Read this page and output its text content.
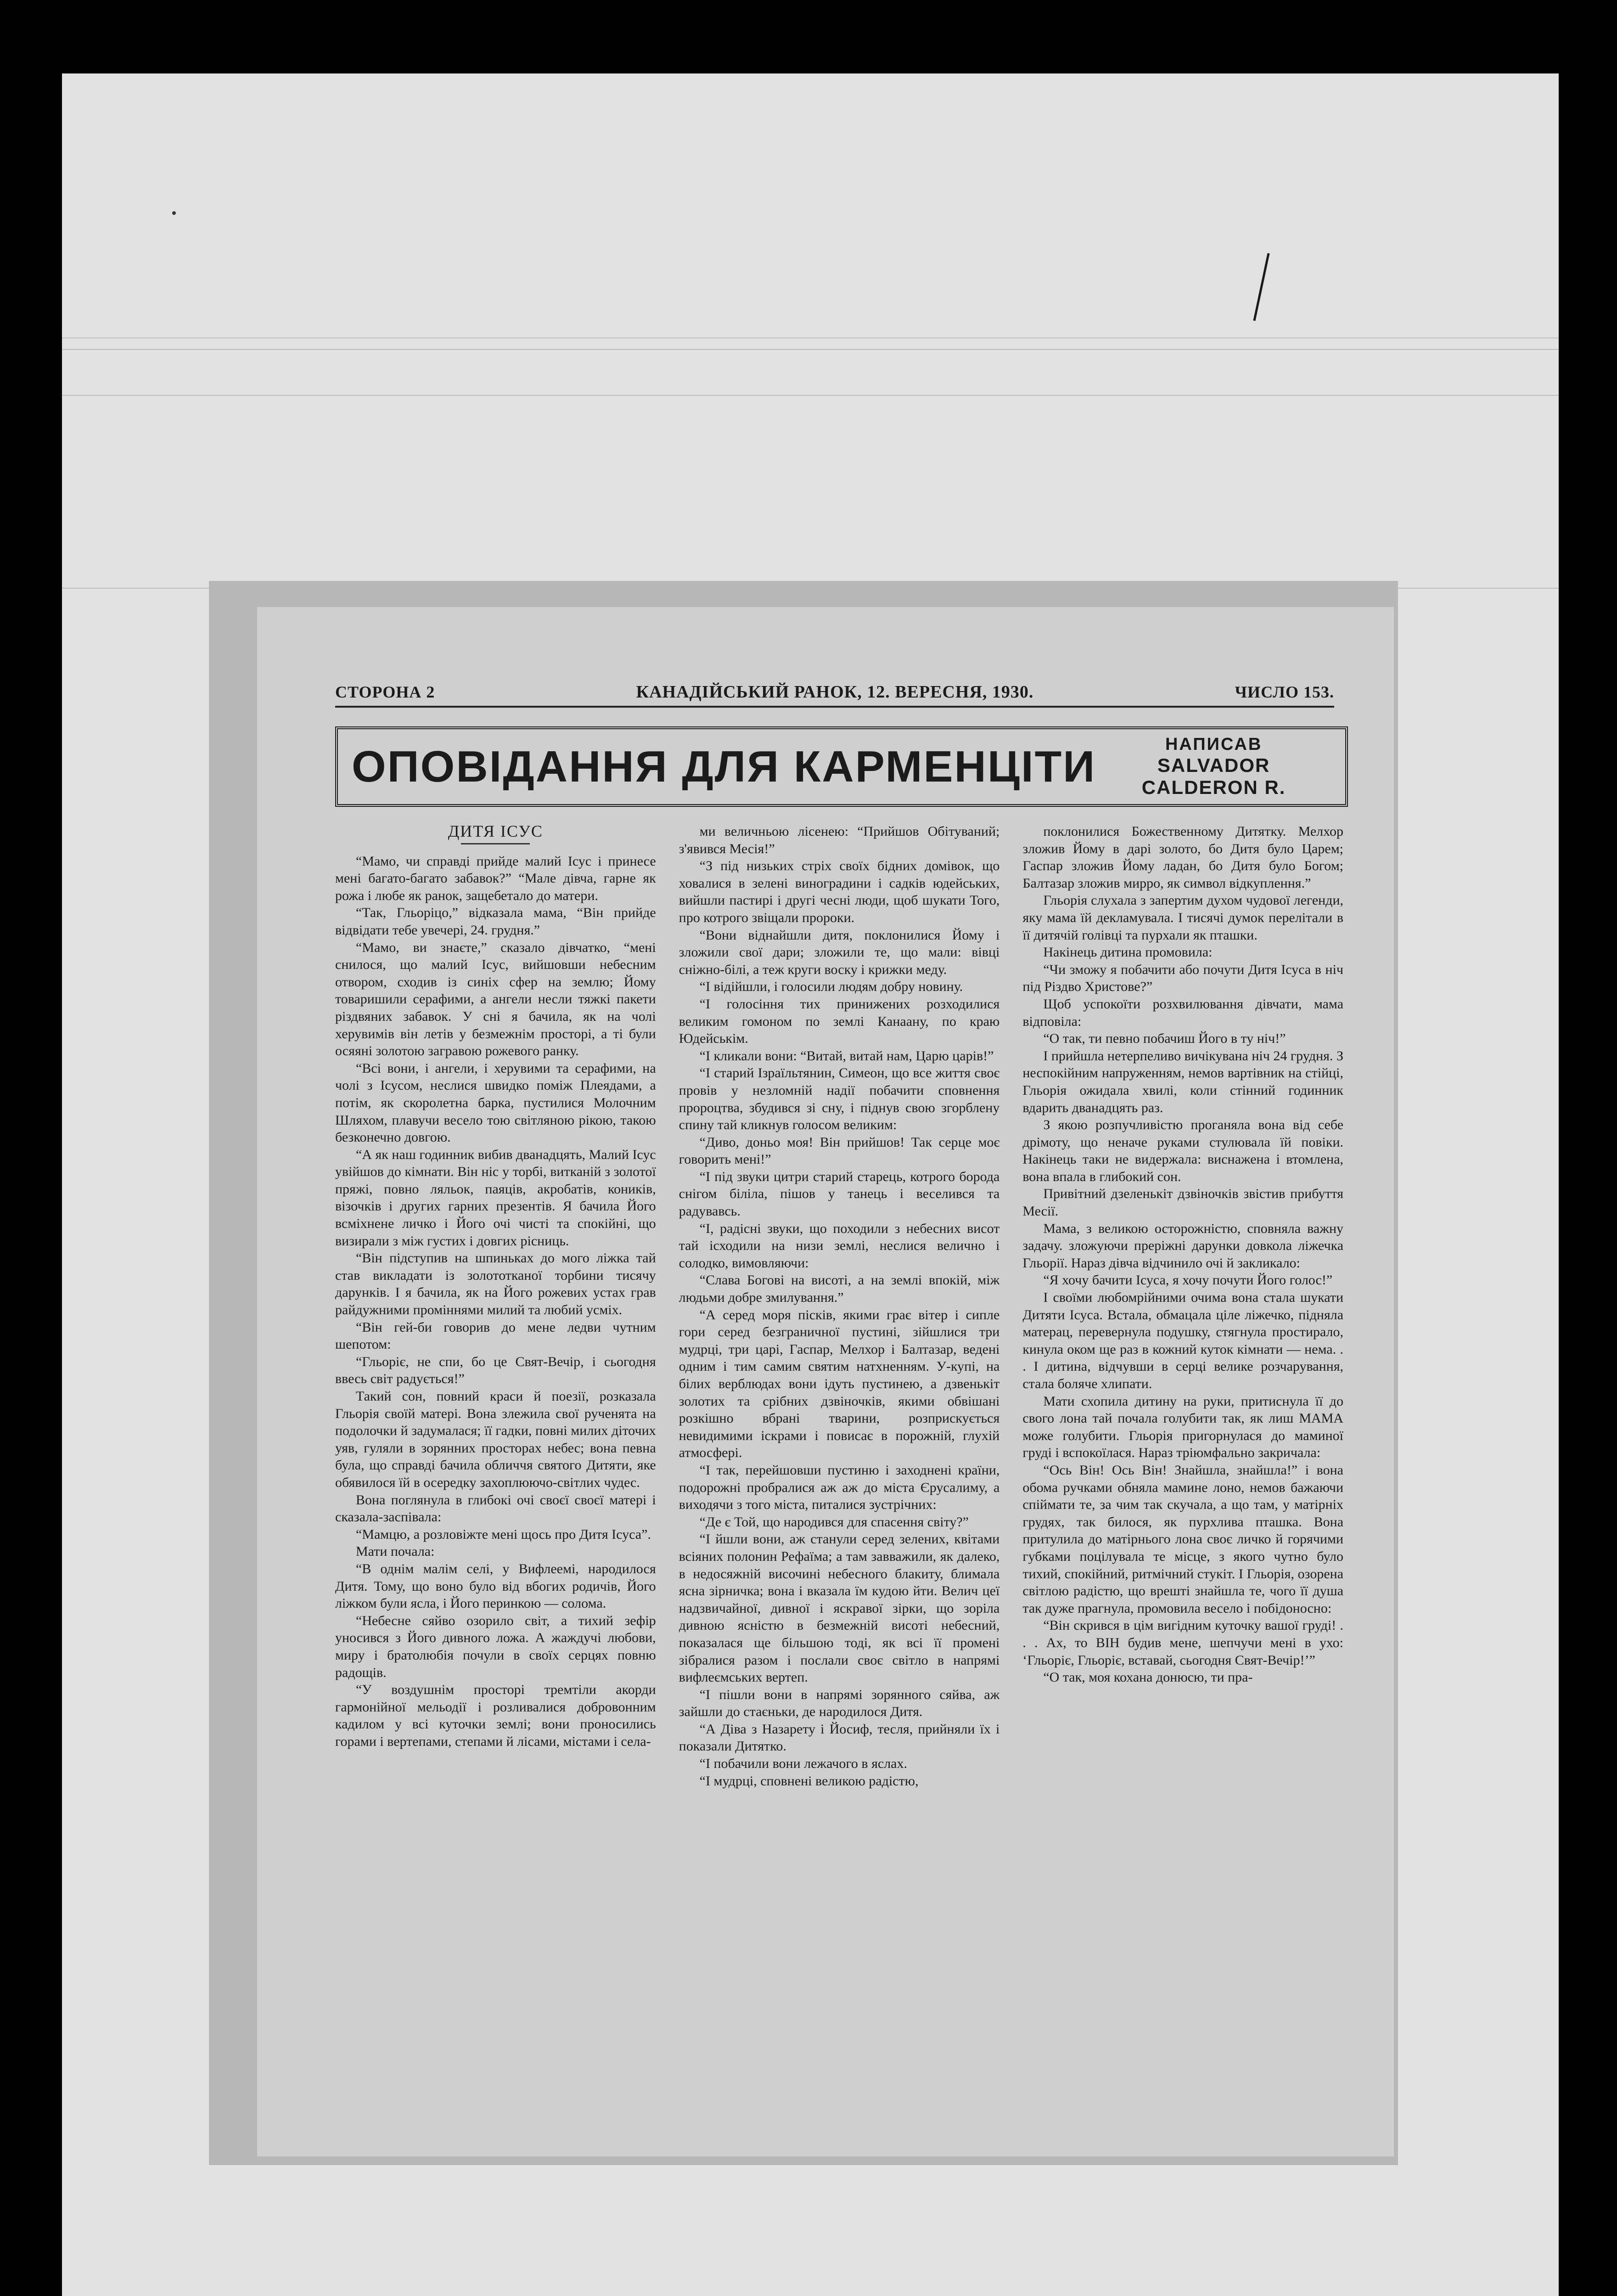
СТОРОНА 2	КАНАДІЙСЬКИЙ РАНОК, 12. ВЕРЕСНЯ, 1930.	ЧИСЛО 153.
ОПОВІДАННЯ ДЛЯ КАРМЕНЦІТИ	НАПИСАВ
SALVADOR CALDERON R.

ДИТЯ ІСУС

“Мамо, чи справді прийде малий Ісус і принесе мені багато-багато забавок?” “Мале дівча, гарне як рожа і любе як ранок, защебетало до матери.

“Так, Гльоріцо,” відказала мама, “Він прийде відвідати тебе увечері, 24. грудня.”

“Мамо, ви знаєте,” сказало дівчатко, “мені снилося, що малий Ісус, вийшовши небесним отвором, сходив із синіх сфер на землю; Йому товаришили серафими, а ангели несли тяжкі пакети різдвяних забавок. У снi я бачила, як на чолі херувимів він летів у безмежнім просторі, а ті були осяяні золотою загравою рожевого ранку.

“Всі вони, і ангели, і херувими та серафими, на чолі з Ісусом, неслися швидко поміж Плеядами, а потім, як скоролетна барка, пустилися Молочним Шляхом, плавучи весело тою світляною рікою, такою безконечно довгою.

“А як наш годинник вибив дванадцять, Малий Ісус увійшов до кімнати. Він ніс у торбі, витканій з золотої пряжі, повно ляльок, паяців, акробатів, коників, візочків і других гарних презентів. Я бачила Його всміхнене личко і Його очі чисті та спокійні, що визирали з між густих і довгих рісниць.

“Він підступив на шпиньках до мого ліжка тай став викладати із золототканої торбини тисячу дарунків. І я бачила, як на Його рожевих устах грав райдужними проміннями милий та любий усміх.

“Він гей-би говорив до мене ледви чутним шепотом:

“Гльоріє, не спи, бо це Свят-Вечір, і сьогодня ввесь світ радується!”

Такий сон, повний краси й поезії, розказала Гльорія своїй матері. Вона злежила свої рученята на подолочки й задумалася; її гадки, повні милих діточих уяв, гуляли в зорянних просторах небес; вона певна була, що справді бачила обличчя святого Дитяти, яке обявилося їй в осередку захоплюючо-світлих чудес.

Вона поглянула в глибокі очі своєї своєї матері і сказала-заспівала:

“Мамцю, а розловіжте мені щось про Дитя Ісуса”.

Мати почала:

“В однім малім селі, у Вифлеемі, народилося Дитя. Тому, що воно було від вбогих родичів, Його ліжком були ясла, і Його перинкою — солома.

“Небесне сяйво озорило світ, а тихий зефір уносився з Його дивного ложа. А жаждучі любови, миру і братолюбія почули в своїх серцях повню радощів.

“У воздушнім просторі тремтіли акорди гармонійної мельодії і розливалися добровонним кадилом у всі куточки землі; вони проносились горами і вертепами, степами й лісами, містами і села-

ми величньою лісенею: “Прийшов Обітуваний; з'явився Месія!”

“З під низьких стріх своїх бідних домівок, що ховалися в зелені виноградини і садків юдейських, вийшли пастирі і другі чесні люди, щоб шукати Того, про котрого звіщали пророки.

“Вони віднайшли дитя, поклонилися Йому і зложили свої дари; зложили те, що мали: вівці сніжно-білі, а теж круги воску і крижки меду.

“І відійшли, і голосили людям добру новину.

“І голосіння тих принижених розходилися великим гомоном по землі Канаану, по краю Юдейськім.

“І кликали вони: “Витай, витай нам, Царю царів!”

“І старий Ізраїльтянин, Симеон, що все життя своє провів у незломній надії побачити сповнення пророцтва, збудився зі сну, і піднув свою згорблену спину тай кликнув голосом великим:

“Диво, доньо моя! Він прийшов! Так серце моє говорить мені!”

“І під звуки цитри старий старець, котрого борода снігом біліла, пішов у танець і веселився та радувавсь.

“І, радісні звуки, що походили з небесних висот тай ісходили на низи землі, неслися велично і солодко, вимовляючи:

“Слава Богові на висоті, а на землі впокій, між людьми добре змилування.”

“А серед моря пісків, якими грає вітер і сипле гори серед безграничної пустині, зійшлися три мудрці, три царі, Гаспар, Мелхор і Балтазар, ведені одним і тим самим святим натхненням. У-купі, на білих верблюдах вони ідуть пустинею, а дзвенькіт золотих та срібних дзвіночків, якими обвішані розкішно вбрані тварини, розприскується невидимими іскрами і повисає в порожній, глухій атмосфері.

“І так, перейшовши пустиню і заходнені країни, подорожні пробралися аж аж до міста Єрусалиму, а виходячи з того міста, питалися зустрічних:

“Де є Той, що народився для спасення світу?”

“І йшли вони, аж станули серед зелених, квітами всіяних полонин Рефаїма; а там завважили, як далеко, в недосяжній височині небесного блакиту, блимала ясна зірничка; вона і вказала їм кудою йти. Велич цеї надзвичайної, дивної і яскравої зірки, що зоріла дивною ясністю в безмежній висоті небесний, показалася ще більшою тоді, як всі її промені зібралися разом і послали своє світло в напрямі вифлеємських вертеп.

“І пішли вони в напрямі зорянного сяйва, аж зайшли до стаєньки, де народилося Дитя.

“А Діва з Назарету і Йосиф, тесля, прийняли їх і показали Дитятко.

“І побачили вони лежачого в яслах.

“І мудрці, сповнені великою радістю,

поклонилися Божественному Дитятку. Мелхор зложив Йому в дарі золото, бо Дитя було Царем; Гаспар зложив Йому ладан, бо Дитя було Богом; Балтазар зложив мирро, як символ відкуплення.”

Гльорія слухала з запертим духом чудової легенди, яку мама їй декламувала. І тисячі думок перелітали в її дитячій голівці та пурхали як пташки.

Накінець дитина промовила:

“Чи зможу я побачити або почути Дитя Ісуса в ніч під Різдво Христове?”

Щоб успокоїти розхвилювання дівчати, мама відповіла:

“О так, ти певно побачиш Його в ту ніч!”

І прийшла нетерпеливо вичікувана ніч 24 грудня. З неспокійним напруженням, немов вартівник на стійці, Гльорія ожидала хвилі, коли стінний годинник вдарить дванадцять раз.

З якою розпучливістю проганяла вона від себе дрімоту, що неначе руками стулювала їй повіки. Накінець таки не видержала: виснажена і втомлена, вона впала в глибокий сон.

Привітний дзеленькіт дзвіночків звістив прибуття Месії.

Мама, з великою осторожністю, сповняла важну задачу. зложуючи преріжні дарунки довкола ліжечка Гльорії. Нараз дівча відчинило очі й закликало:

“Я хочу бачити Ісуса, я хочу почути Його голос!”

І своїми любомрійними очима вона стала шукати Дитяти Ісуса. Встала, обмацала ціле ліжечко, підняла матерац, перевернула подушку, стягнула простирало, кинула оком ще раз в кожний куток кімнати — нема. . . І дитина, відчувши в серці велике розчарування, стала боляче хлипати.

Мати схопила дитину на руки, притиснула її до свого лона тай почала голубити так, як лиш МАМА може голубити. Гльорія пригорнулася до маминої груді і вспокоїлася. Нараз тріюмфально закричала:

“Ось Він! Ось Він! Знайшла, знайшла!” і вона обома ручками обняла мамине лоно, немов бажаючи спіймати те, за чим так скучала, а що там, у матірніх грудях, так билося, як пурхлива пташка. Вона притулила до матірнього лона своє личко й горячими губками поцілувала те місце, з якого чутно було тихий, спокійний, ритмічний стукіт. І Гльорія, озорена світлою радістю, що врешті знайшла те, чого її душа так дуже прагнула, промовила весело і побідоносно:

“Він скрився в цім вигідним куточку вашої груді! . . . Ах, то ВІН будив мене, шепчучи мені в ухо: ‘Гльоріє, Гльоріє, вставай, сьогодня Свят-Вечір!’”

“О так, моя кохана донюсю, ти пра-
